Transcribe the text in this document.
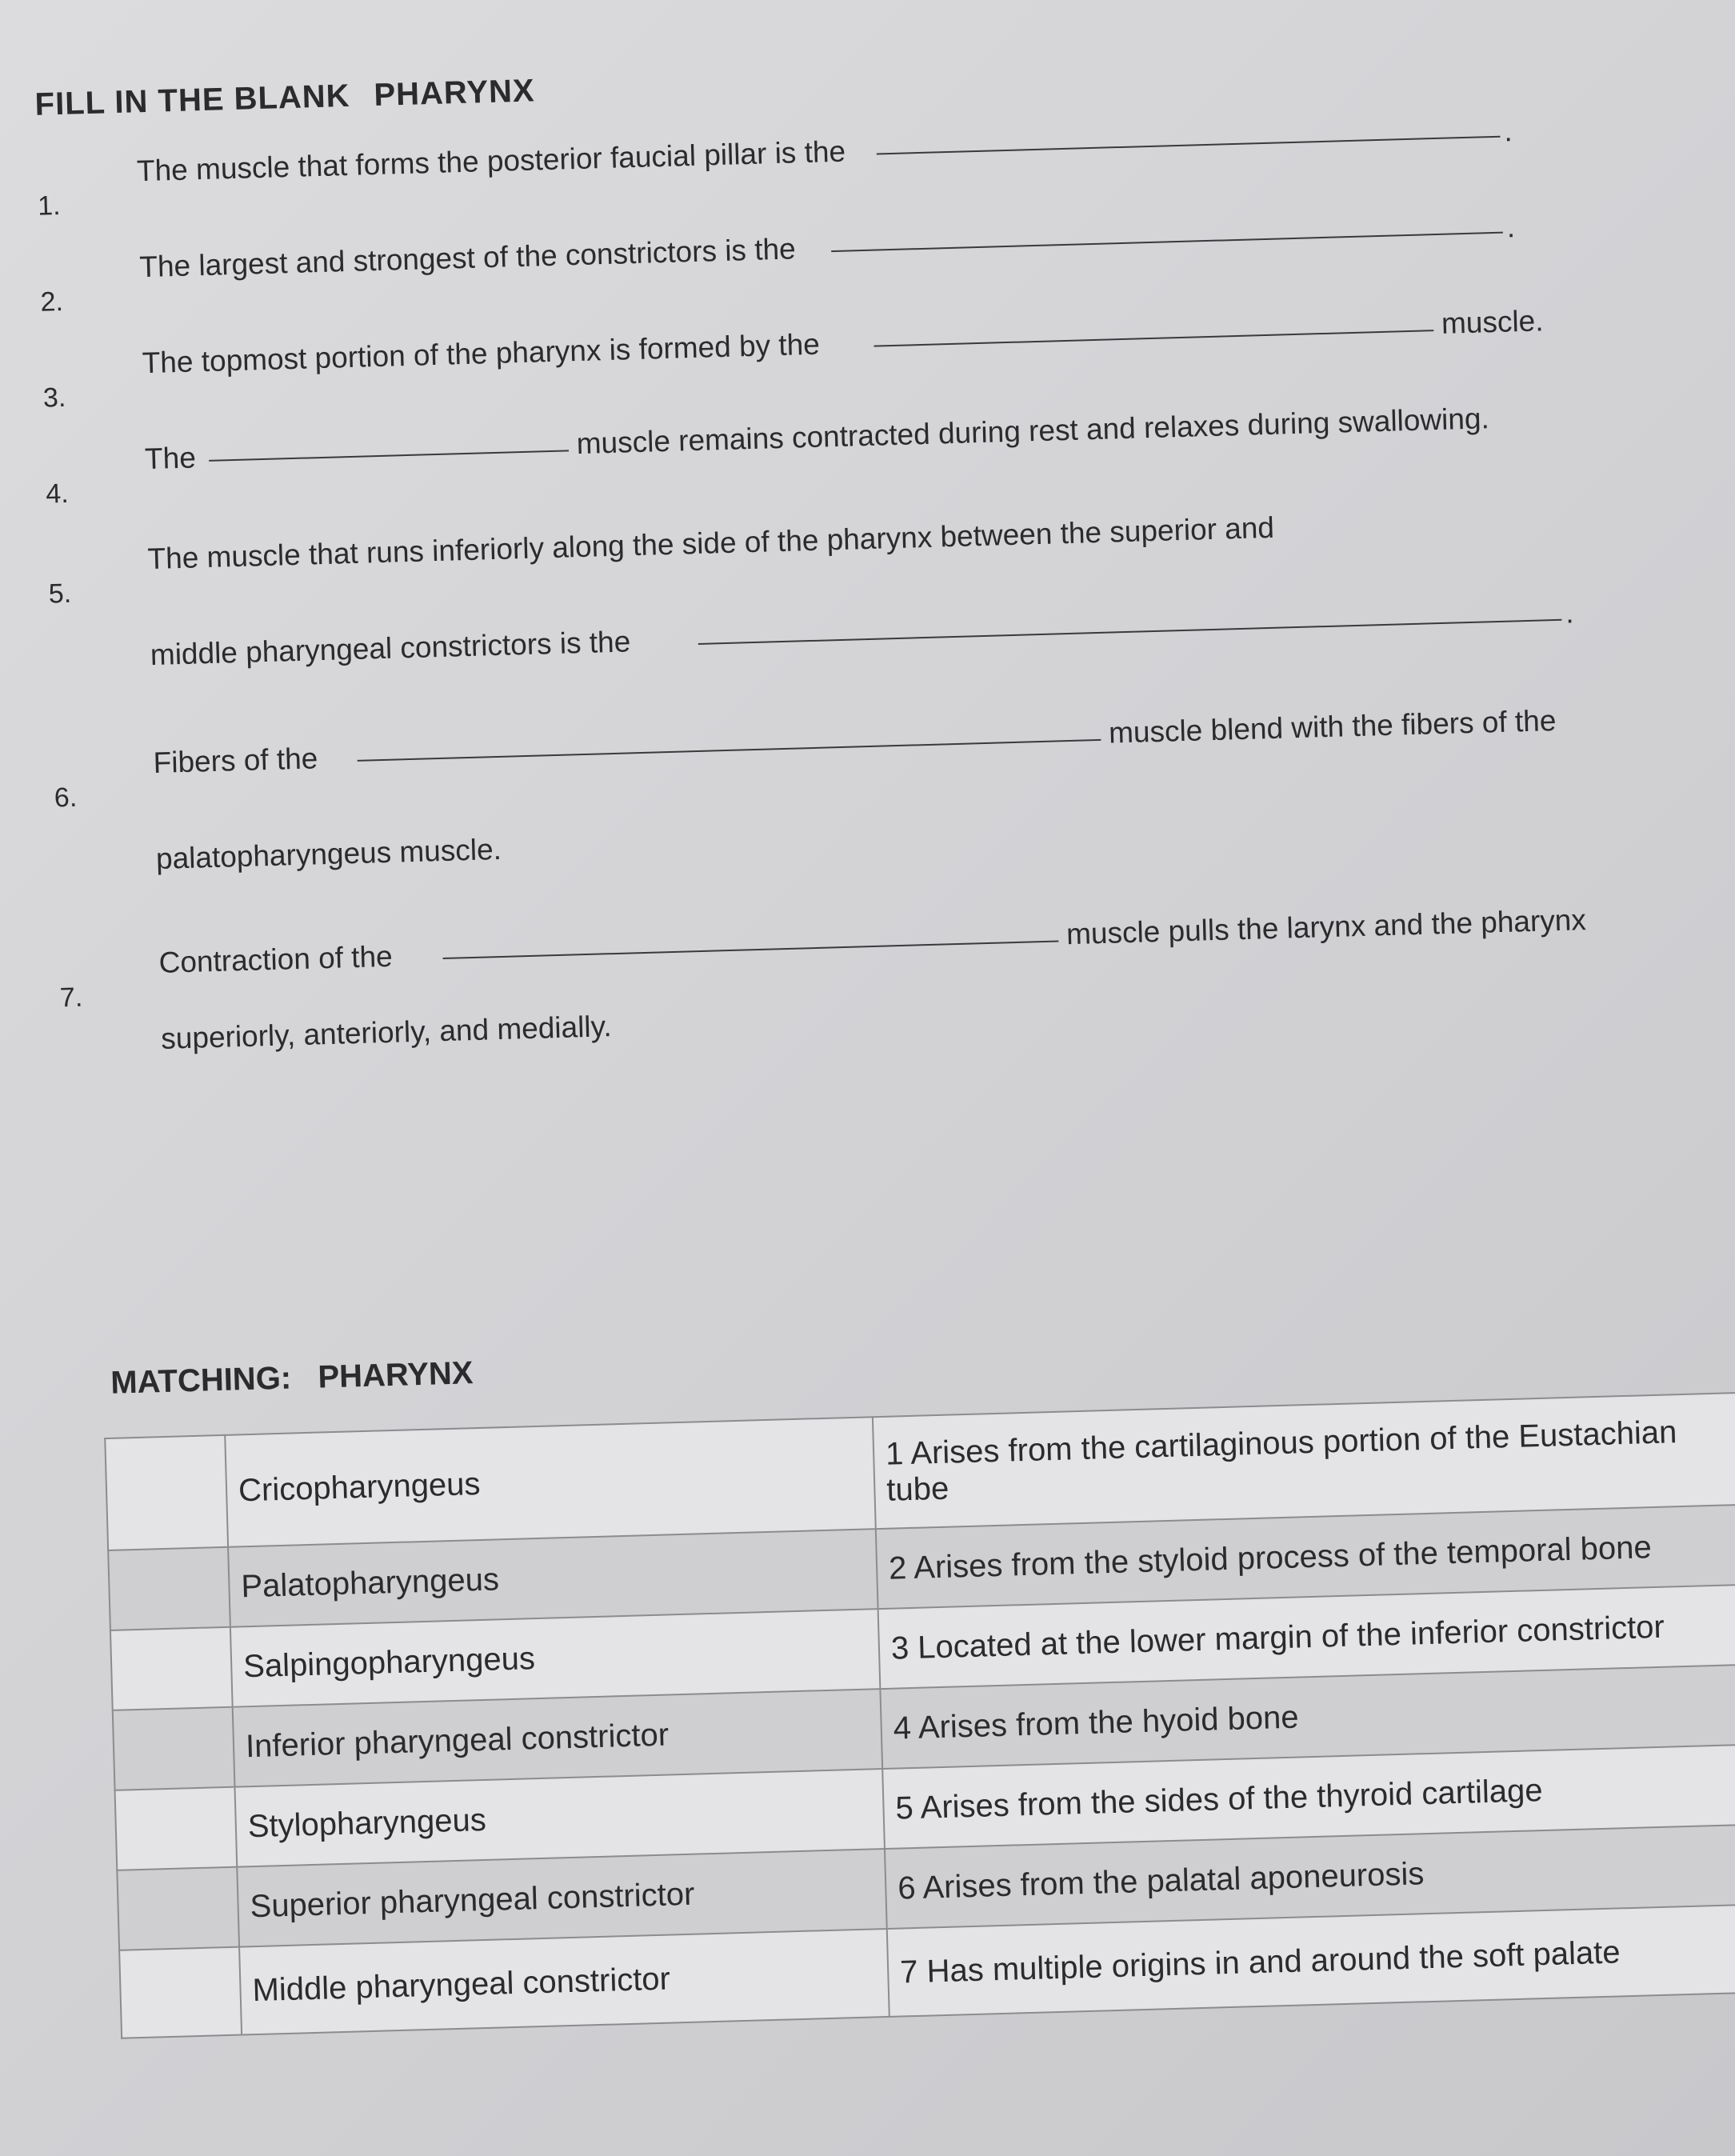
FILL IN THE BLANK PHARYNX
1.
The muscle that forms the posterior faucial pillar is the
.
2.
The largest and strongest of the constrictors is the
.
3.
The topmost portion of the pharynx is formed by the
muscle.
4.
The	muscle remains contracted during rest and relaxes during swallowing.
5.
The muscle that runs inferiorly along the side of the pharynx between the superior and
middle pharyngeal constrictors is the
.
6.
Fibers of the
muscle blend with the fibers of the
palatopharyngeus muscle.
7.
Contraction of the
muscle pulls the larynx and the pharynx
superiorly, anteriorly, and medially.
MATCHING: PHARYNX
	Cricopharyngeus	1 Arises from the cartilaginous portion of the Eustachian tube
	Palatopharyngeus	2 Arises from the styloid process of the temporal bone
	Salpingopharyngeus	3 Located at the lower margin of the inferior constrictor
	Inferior pharyngeal constrictor	4 Arises from the hyoid bone
	Stylopharyngeus	5 Arises from the sides of the thyroid cartilage
	Superior pharyngeal constrictor	6 Arises from the palatal aponeurosis
	Middle pharyngeal constrictor	7 Has multiple origins in and around the soft palate
